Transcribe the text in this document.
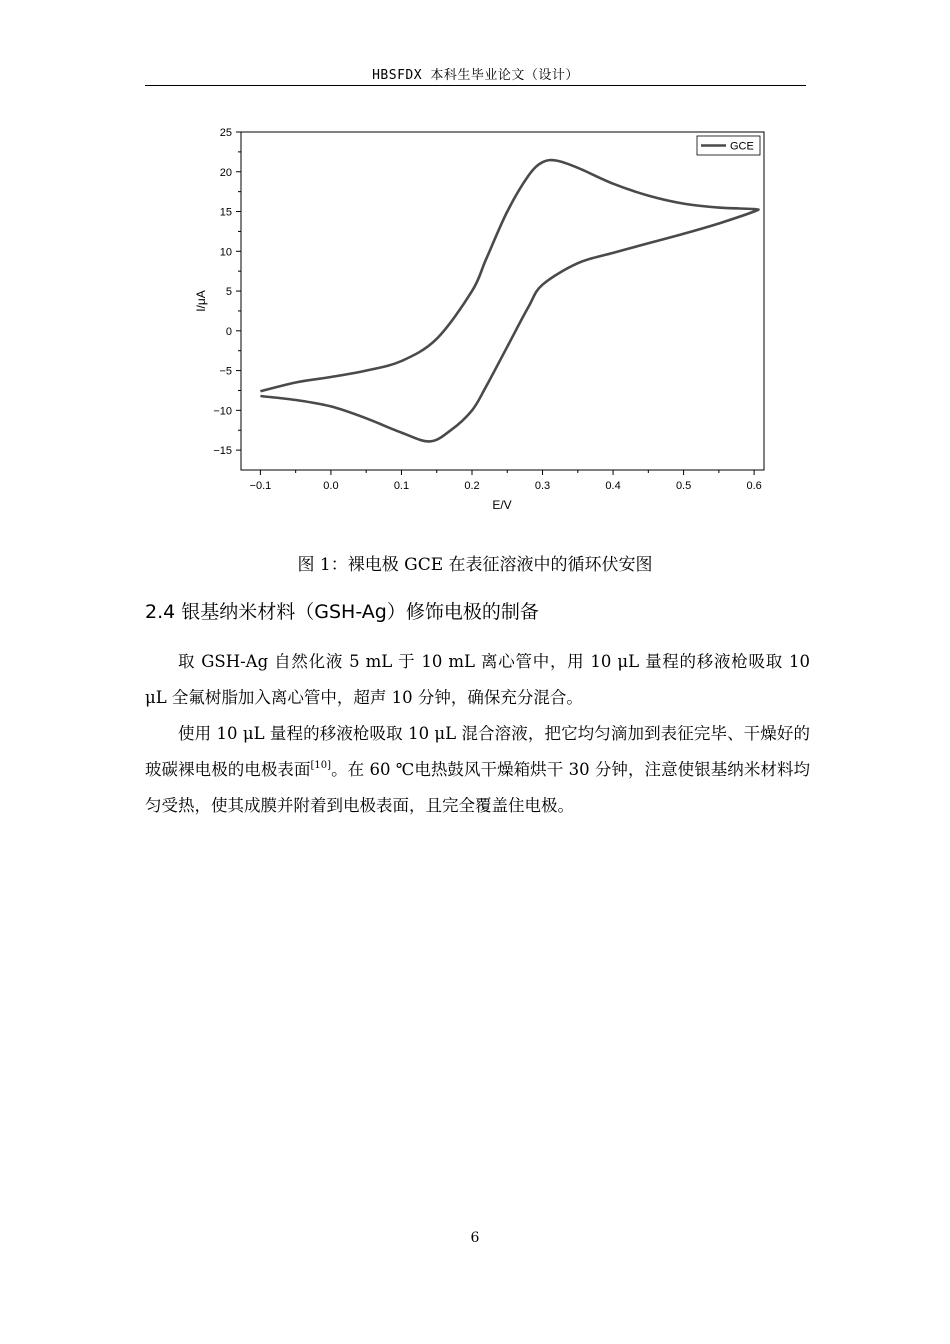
HBSFDX 本科生毕业论文（设计）
−0.1	0.0	0.1	0.2	0.3	0.4	0.5	0.6
−15
−10
−5
0
5
10
15
20
25
GCE
E/V
I/μA
图 1：裸电极 GCE 在表征溶液中的循环伏安图
2.4 银基纳米材料（GSH-Ag）修饰电极的制备

取 GSH-Ag 自然化液 5 mL 于 10 mL 离心管中，用 10 μL 量程的移液枪吸取 10 μL 全氟树脂加入离心管中，超声 10 分钟，确保充分混合。

使用 10 μL 量程的移液枪吸取 10 μL 混合溶液，把它均匀滴加到表征完毕、干燥好的玻碳裸电极的电极表面[10]。在 60 ℃电热鼓风干燥箱烘干 30 分钟，注意使银基纳米材料均匀受热，使其成膜并附着到电极表面，且完全覆盖住电极。

6
